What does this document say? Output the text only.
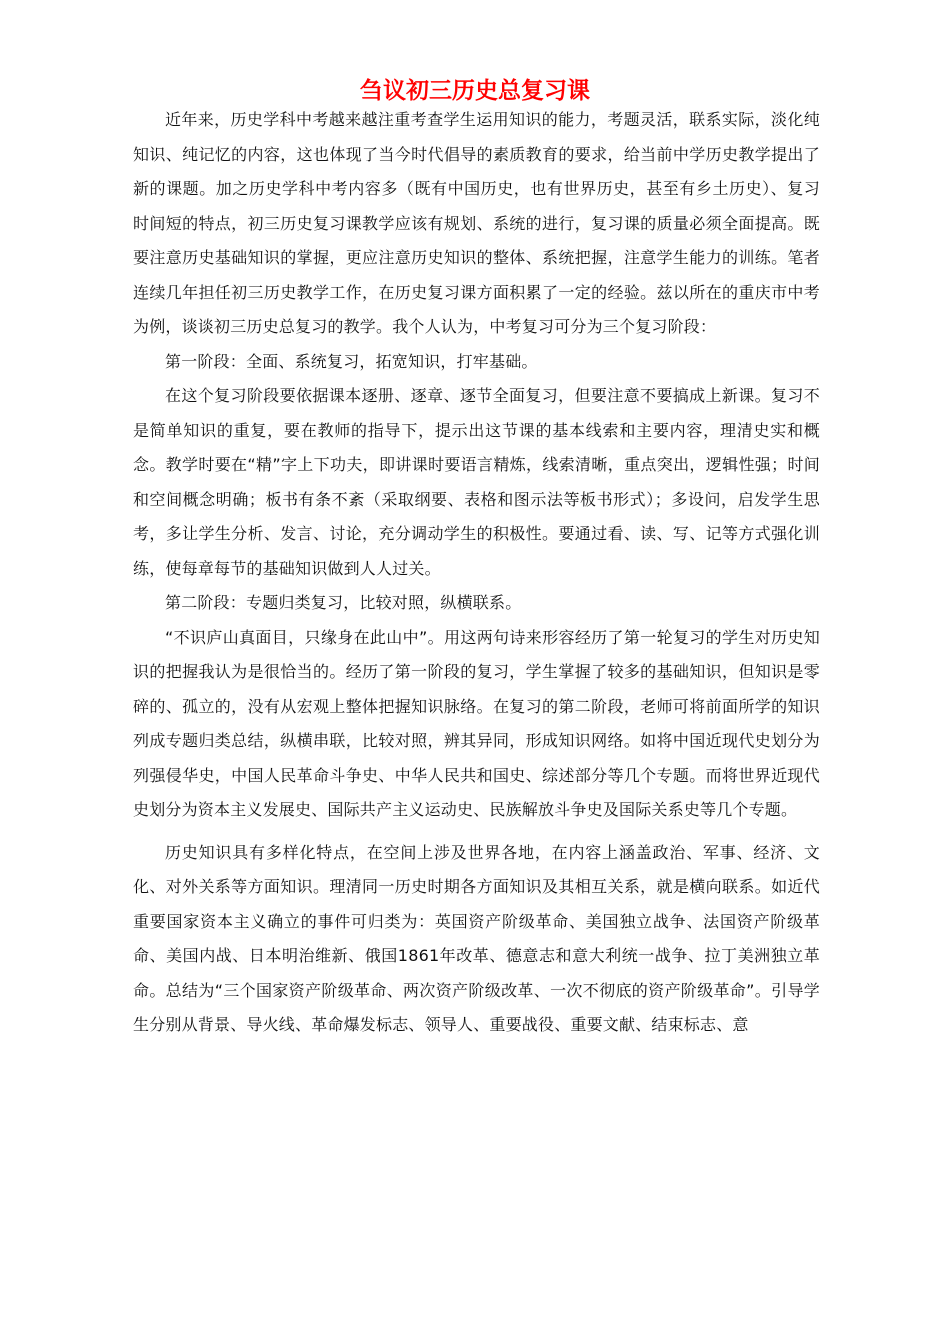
刍议初三历史总复习课

近年来，历史学科中考越来越注重考查学生运用知识的能力，考题灵活，联系实际，淡化纯知识、纯记忆的内容，这也体现了当今时代倡导的素质教育的要求，给当前中学历史教学提出了新的课题。加之历史学科中考内容多（既有中国历史，也有世界历史，甚至有乡土历史）、复习时间短的特点，初三历史复习课教学应该有规划、系统的进行，复习课的质量必须全面提高。既要注意历史基础知识的掌握，更应注意历史知识的整体、系统把握，注意学生能力的训练。笔者连续几年担任初三历史教学工作，在历史复习课方面积累了一定的经验。兹以所在的重庆市中考为例，谈谈初三历史总复习的教学。我个人认为，中考复习可分为三个复习阶段：

第一阶段：全面、系统复习，拓宽知识，打牢基础。

在这个复习阶段要依据课本逐册、逐章、逐节全面复习，但要注意不要搞成上新课。复习不是简单知识的重复，要在教师的指导下，提示出这节课的基本线索和主要内容，理清史实和概念。教学时要在“精”字上下功夫，即讲课时要语言精炼，线索清晰，重点突出，逻辑性强；时间和空间概念明确；板书有条不紊（采取纲要、表格和图示法等板书形式）；多设问，启发学生思考，多让学生分析、发言、讨论，充分调动学生的积极性。要通过看、读、写、记等方式强化训练，使每章每节的基础知识做到人人过关。

第二阶段：专题归类复习，比较对照，纵横联系。

“不识庐山真面目，只缘身在此山中”。用这两句诗来形容经历了第一轮复习的学生对历史知识的把握我认为是很恰当的。经历了第一阶段的复习，学生掌握了较多的基础知识，但知识是零碎的、孤立的，没有从宏观上整体把握知识脉络。在复习的第二阶段，老师可将前面所学的知识列成专题归类总结，纵横串联，比较对照，辨其异同，形成知识网络。如将中国近现代史划分为列强侵华史，中国人民革命斗争史、中华人民共和国史、综述部分等几个专题。而将世界近现代史划分为资本主义发展史、国际共产主义运动史、民族解放斗争史及国际关系史等几个专题。

历史知识具有多样化特点，在空间上涉及世界各地，在内容上涵盖政治、军事、经济、文化、对外关系等方面知识。理清同一历史时期各方面知识及其相互关系，就是横向联系。如近代重要国家资本主义确立的事件可归类为：英国资产阶级革命、美国独立战争、法国资产阶级革命、美国内战、日本明治维新、俄国1861年改革、德意志和意大利统一战争、拉丁美洲独立革命。总结为“三个国家资产阶级革命、两次资产阶级改革、一次不彻底的资产阶级革命”。引导学生分别从背景、导火线、革命爆发标志、领导人、重要战役、重要文献、结束标志、意
